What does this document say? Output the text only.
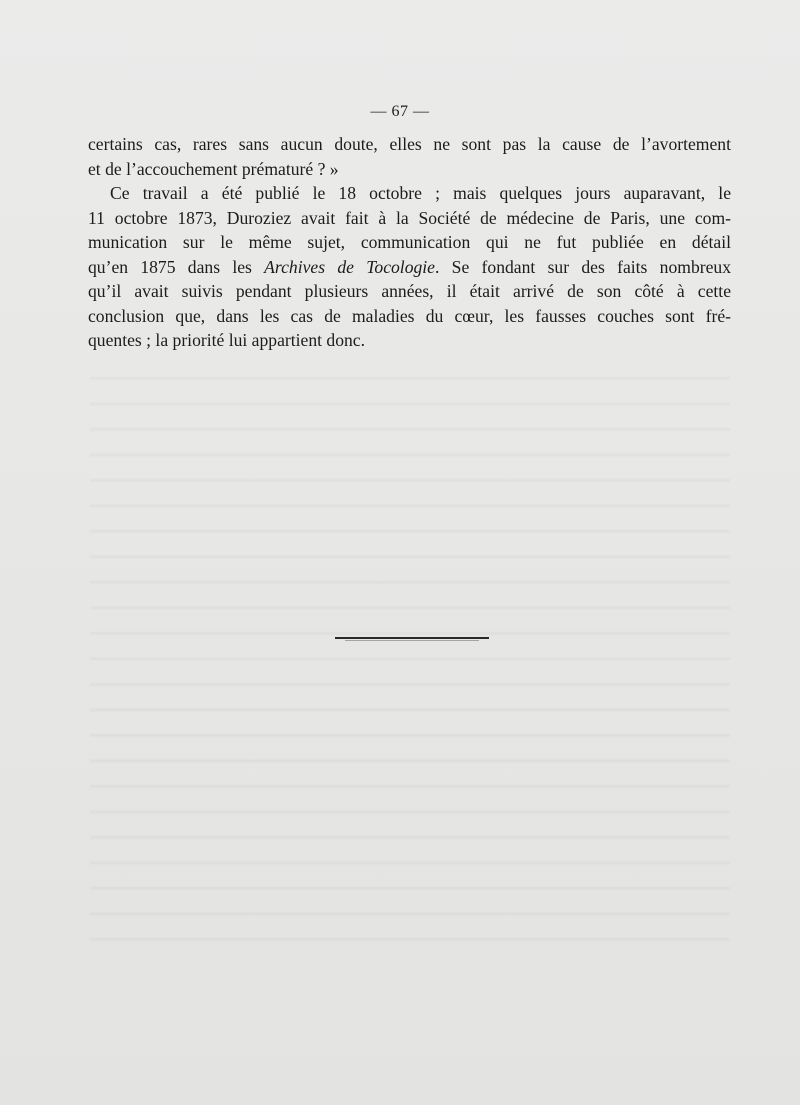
— 67 —
certains cas, rares sans aucun doute, elles ne sont pas la cause de l’avortement
et de l’accouchement prématuré ? »
Ce travail a été publié le 18 octobre ; mais quelques jours auparavant, le
11 octobre 1873, Duroziez avait fait à la Société de médecine de Paris, une com-
munication sur le même sujet, communication qui ne fut publiée en détail
qu’en 1875 dans les Archives de Tocologie. Se fondant sur des faits nombreux
qu’il avait suivis pendant plusieurs années, il était arrivé de son côté à cette
conclusion que, dans les cas de maladies du cœur, les fausses couches sont fré-
quentes ; la priorité lui appartient donc.
